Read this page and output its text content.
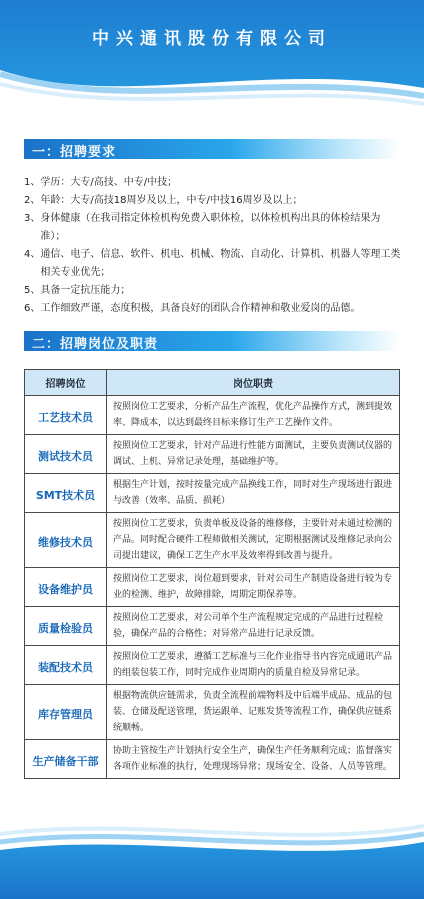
中兴通讯股份有限公司
一：招聘要求
1、 学历：大专/高技、中专/中技；
2、 年龄：大专/高技18周岁及以上，中专/中技16周岁及以上；
3、 身体健康（在我司指定体检机构免费入职体检，以体检机构出具的体检结果为准）；
4、 通信、电子、信息、软件、机电、机械、物流、自动化、计算机、机器人等理工类相关专业优先；
5、 具备一定抗压能力；
6、 工作细致严谨，态度积极，具备良好的团队合作精神和敬业爱岗的品德。
二：招聘岗位及职责
招聘岗位	岗位职责
工艺技术员	按照岗位工艺要求，分析产品生产流程，优化产品操作方式，测到提效率、降成本，以达到最终目标来修订生产工艺操作文件。

测试技术员	按照岗位工艺要求，针对产品进行性能方面测试，主要负责测试仪器的调试、上机、异常记录处理，基础维护等。

SMT技术员	根据生产计划，按时按量完成产品换线工作，同时对生产现场进行跟进与改善（效率、品质、损耗）

维修技术员	按照岗位工艺要求，负责单板及设备的维修修，主要针对未通过检测的产品。同时配合硬件工程师做相关测试，定期根据测试及维修记录向公司提出建议，确保工艺生产水平及效率得到改善与提升。

设备维护员	按照岗位工艺要求，岗位超到要求，针对公司生产制造设备进行较为专业的检测、维护，故障排除，周期定期保养等。

质量检验员	按照岗位工艺要求，对公司单个生产流程规定完成的产品进行过程检验，确保产品的合格性；对异常产品进行记录反馈。

装配技术员	按照岗位工艺要求，遵循工艺标准与三化作业指导书内容完成通讯产品的组装包装工作，同时完成作业周期内的质量自检及异常记录。

库存管理员	根据物流供应链需求，负责全流程前端物料及中后端半成品、成品的包装、仓储及配送管理，货运跟单、记账发货等流程工作，确保供应链系统顺畅。

生产储备干部	协助主管按生产计划执行安全生产，确保生产任务顺利完成；监督落实各项作业标准的执行，处理现场异常；现场安全、设备、人员等管理。
